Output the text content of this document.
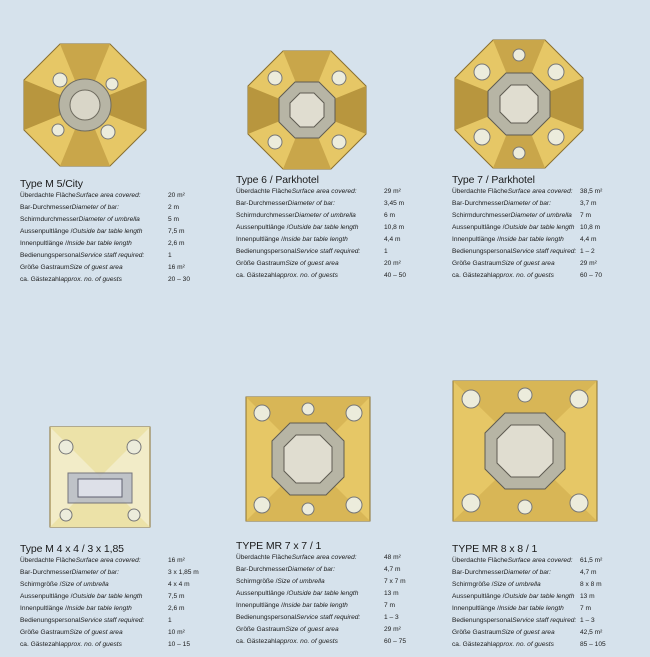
Type M 5/City
Überdachte Fläche Surface area covered:	20 m²
Bar-Durchmesser Diameter of bar:	2 m
Schirmdurchmesser Diameter of umbrella	5 m
Aussenpultlänge / Outside bar table length	7,5 m
Innenpultlänge / Inside bar table length	2,6 m
Bedienungspersonal Service staff required:	1
Größe Gastraum Size of guest area	16 m²
ca. Gästezahl approx. no. of guests	20 – 30
Type 6 / Parkhotel
Überdachte Fläche Surface area covered:	29 m²
Bar-Durchmesser Diameter of bar:	3,45 m
Schirmdurchmesser Diameter of umbrella	6 m
Aussenpultlänge / Outside bar table length	10,8 m
Innenpultlänge / Inside bar table length	4,4 m
Bedienungspersonal Service staff required:	1
Größe Gastraum Size of guest area	20 m²
ca. Gästezahl approx. no. of guests	40 – 50
Type 7 / Parkhotel
Überdachte Fläche Surface area covered: 38,5 m²
Bar-Durchmesser Diameter of bar:	3,7 m
Schirmdurchmesser Diameter of umbrella 7 m
Aussenpultlänge / Outside bar table length 10,8 m
Innenpultlänge / Inside bar table length 4,4 m
Bedienungspersonal Service staff required: 1 – 2
Größe Gastraum Size of guest area	29 m²
ca. Gästezahl approx. no. of guests	60 – 70
Type M 4 x 4 / 3 x 1,85
Überdachte Fläche Surface area covered:	16 m²
Bar-Durchmesser Diameter of bar:	3 x 1,85 m
Schirmgröße / Size of umbrella	4 x 4 m
Aussenpultlänge / Outside bar table length	7,5 m
Innenpultlänge / Inside bar table length	2,6 m
Bedienungspersonal Service staff required:	1
Größe Gastraum Size of guest area	10 m²
ca. Gästezahl approx. no. of guests	10 – 15
TYPE MR 7 x 7 / 1
Überdachte Fläche Surface area covered:	48 m²
Bar-Durchmesser Diameter of bar:	4,7 m
Schirmgröße / Size of umbrella	7 x 7 m
Aussenpultlänge / Outside bar table length	13 m
Innenpultlänge / Inside bar table length	7 m
Bedienungspersonal Service staff required:	1 – 3
Größe Gastraum Size of guest area	29 m²
ca. Gästezahl approx. no. of guests	60 – 75
TYPE MR 8 x 8 / 1
Überdachte Fläche Surface area covered: 61,5 m²
Bar-Durchmesser Diameter of bar:	4,7 m
Schirmgröße / Size of umbrella	8 x 8 m
Aussenpultlänge / Outside bar table length 13 m
Innenpultlänge / Inside bar table length 7 m
Bedienungspersonal Service staff required: 1 – 3
Größe Gastraum Size of guest area	42,5 m²
ca. Gästezahl approx. no. of guests	85 – 105
